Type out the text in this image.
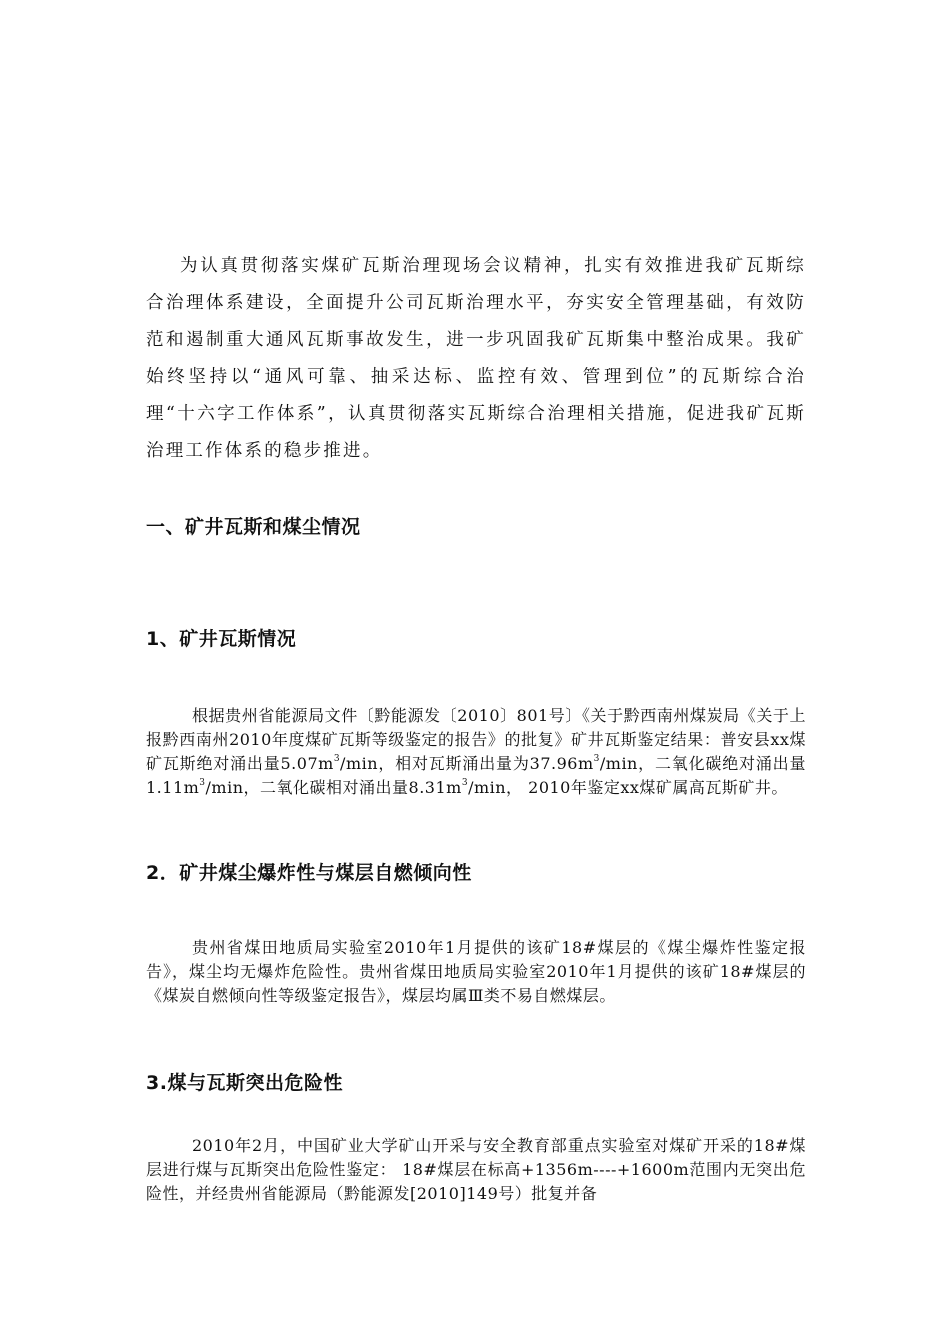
为认真贯彻落实煤矿瓦斯治理现场会议精神，扎实有效推进我矿瓦斯综合治理体系建设，全面提升公司瓦斯治理水平，夯实安全管理基础，有效防范和遏制重大通风瓦斯事故发生，进一步巩固我矿瓦斯集中整治成果。我矿始终坚持以“通风可靠、抽采达标、监控有效、管理到位”的瓦斯综合治理“十六字工作体系”，认真贯彻落实瓦斯综合治理相关措施，促进我矿瓦斯治理工作体系的稳步推进。

一、矿井瓦斯和煤尘情况
1、矿井瓦斯情况

根据贵州省能源局文件〔黔能源发〔2010〕801号〕《关于黔西南州煤炭局《关于上报黔西南州2010年度煤矿瓦斯等级鉴定的报告》的批复》矿井瓦斯鉴定结果：普安县xx煤矿瓦斯绝对涌出量$5.07m^3/\min$，相对瓦斯涌出量为$37.96m^3/\min$，二氧化碳绝对涌出量$1.11m^3/\min$，二氧化碳相对涌出量$8.31m^3/\min$， 2010年鉴定xx煤矿属高瓦斯矿井。

2．矿井煤尘爆炸性与煤层自燃倾向性

贵州省煤田地质局实验室2010年1月提供的该矿18#煤层的《煤尘爆炸性鉴定报告》，煤尘均无爆炸危险性。贵州省煤田地质局实验室2010年1月提供的该矿18#煤层的《煤炭自燃倾向性等级鉴定报告》，煤层均属Ⅲ类不易自燃煤层。

3.煤与瓦斯突出危险性

2010年2月，中国矿业大学矿山开采与安全教育部重点实验室对煤矿开采的18#煤层进行煤与瓦斯突出危险性鉴定： 18#煤层在标高+1356m----+1600m范围内无突出危险性，并经贵州省能源局（黔能源发[2010]149号）批复并备
